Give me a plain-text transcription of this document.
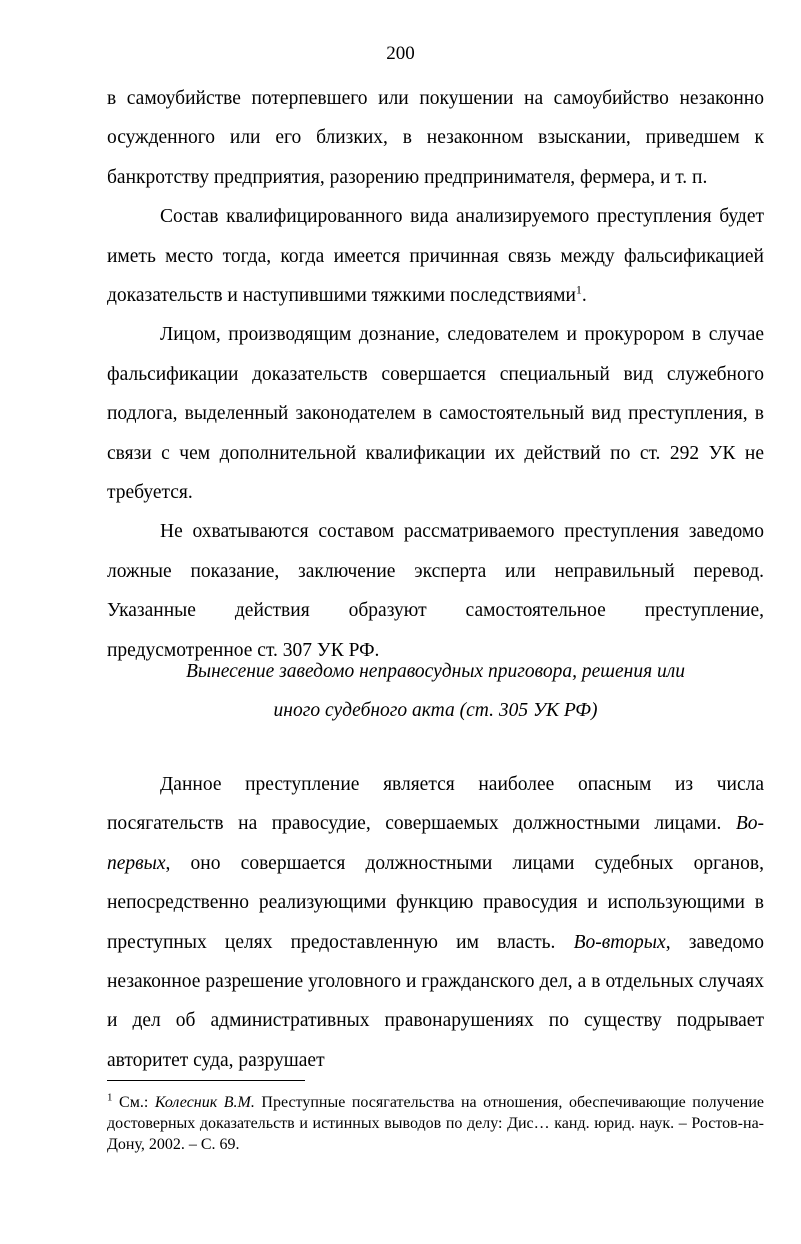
200

в самоубийстве потерпевшего или покушении на самоубийство незаконно осужденного или его близких, в незаконном взыскании, приведшем к банкротству предприятия, разорению предпринимателя, фермера, и т. п.

Состав квалифицированного вида анализируемого преступления будет иметь место тогда, когда имеется причинная связь между фальсификацией доказательств и наступившими тяжкими последствиями$^1$.

Лицом, производящим дознание, следователем и прокурором в случае фальсификации доказательств совершается специальный вид служебного подлога, выделенный законодателем в самостоятельный вид преступления, в связи с чем дополнительной квалификации их действий по ст. 292 УК не требуется.

Не охватываются составом рассматриваемого преступления заведомо ложные показание, заключение эксперта или неправильный перевод. Указанные действия образуют самостоятельное преступление, предусмотренное ст. 307 УК РФ.

Вынесение заведомо неправосудных приговора, решения или
иного судебного акта (ст. 305 УК РФ)

Данное преступление является наиболее опасным из числа посягательств на правосудие, совершаемых должностными лицами. Во-первых, оно совершается должностными лицами судебных органов, непосредственно реализующими функцию правосудия и использующими в преступных целях предоставленную им власть. Во-вторых, заведомо незаконное разрешение уголовного и гражданского дел, а в отдельных случаях и дел об административных правонарушениях по существу подрывает авторитет суда, разрушает

$^1$ См.: Колесник В.М. Преступные посягательства на отношения, обеспечивающие получение достоверных доказательств и истинных выводов по делу: Дис… канд. юрид. наук. – Ростов-на-Дону, 2002. – С. 69.
